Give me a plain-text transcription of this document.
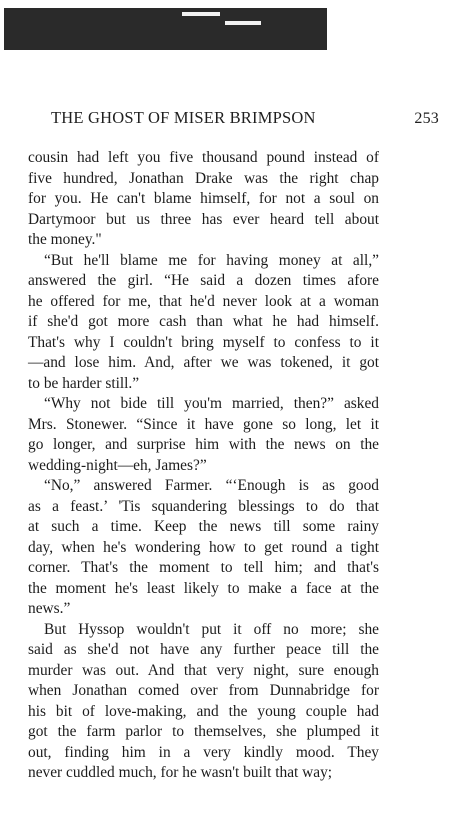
THE GHOST OF MISER BRIMPSON	253
cousin had left you five thousand pound instead of
five hundred, Jonathan Drake was the right chap
for you. He can't blame himself, for not a soul on
Dartymoor but us three has ever heard tell about
the money."
“But he'll blame me for having money at all,”
answered the girl. “He said a dozen times afore
he offered for me, that he'd never look at a woman
if she'd got more cash than what he had himself.
That's why I couldn't bring myself to confess to it
—and lose him. And, after we was tokened, it got
to be harder still.”
“Why not bide till you'm married, then?” asked
Mrs. Stonewer. “Since it have gone so long, let it
go longer, and surprise him with the news on the
wedding-night—eh, James?”
“No,” answered Farmer. “‘Enough is as good
as a feast.’ 'Tis squandering blessings to do that
at such a time. Keep the news till some rainy
day, when he's wondering how to get round a tight
corner. That's the moment to tell him; and that's
the moment he's least likely to make a face at the
news.”
But Hyssop wouldn't put it off no more; she
said as she'd not have any further peace till the
murder was out. And that very night, sure enough
when Jonathan comed over from Dunnabridge for
his bit of love-making, and the young couple had
got the farm parlor to themselves, she plumped it
out, finding him in a very kindly mood. They
never cuddled much, for he wasn't built that way;
